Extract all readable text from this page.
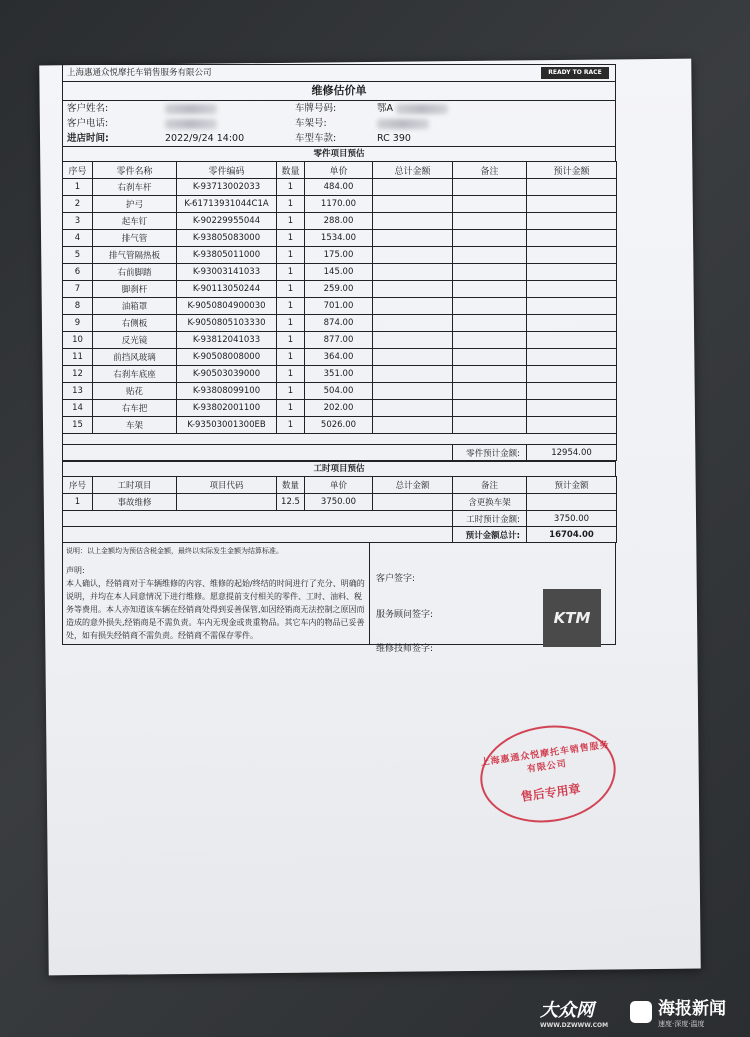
上海惠通众悦摩托车销售服务有限公司	READY TO RACE
维修估价单
客户姓名:	车牌号码:	鄂A
客户电话:	车架号:
进店时间:	2022/9/24 14:00	车型车款:	RC 390
零件项目预估
序号	零件名称	零件编码	数量	单价	总计金额	备注	预计金额
1	右刹车杆	K-93713002033	1	484.00			
2	护弓	K-61713931044C1A	1	1170.00			
3	起车钉	K-90229955044	1	288.00			
4	排气管	K-93805083000	1	1534.00			
5	排气管隔热板	K-93805011000	1	175.00			
6	右前脚踏	K-93003141033	1	145.00			
7	脚刹杆	K-90113050244	1	259.00			
8	油箱罩	K-9050804900030	1	701.00			
9	右侧板	K-9050805103330	1	874.00			
10	反光镜	K-93812041033	1	877.00			
11	前挡风玻璃	K-90508008000	1	364.00			
12	右刹车底座	K-90503039000	1	351.00			
13	贴花	K-93808099100	1	504.00			
14	右车把	K-93802001100	1	202.00			
15	车架	K-93503001300EB	1	5026.00			

						零件预计金额:	12954.00
工时项目预估
序号	工时项目	项目代码	数量	单价	总计金额	备注	预计金额
1	事故维修		12.5	3750.00		含更换车架	
						工时预计金额:	3750.00
						预计金额总计:	16704.00
说明：以上金额均为预估含税金额，最终以实际发生金额为结算标准。
声明:
本人确认，经销商对于车辆维修的内容、维修的起始/终结的时间进行了充分、明确的说明，并均在本人同意情况下进行维修。愿意提前支付相关的零件、工时、油料、税务等费用。本人亦知道该车辆在经销商处得到妥善保管,如因经销商无法控制之原因而造成的意外损失,经销商是不需负责。车内无现金或贵重物品。其它车内的物品已妥善处，如有损失经销商不需负责。经销商不需保存零件。
客户签字:
服务顾问签字:
维修技师签字:
KTM
上海惠通众悦摩托车销售服务有限公司
售后专用章
大众网
WWW.DZWWW.COM
海报新闻
速度·深度·温度
